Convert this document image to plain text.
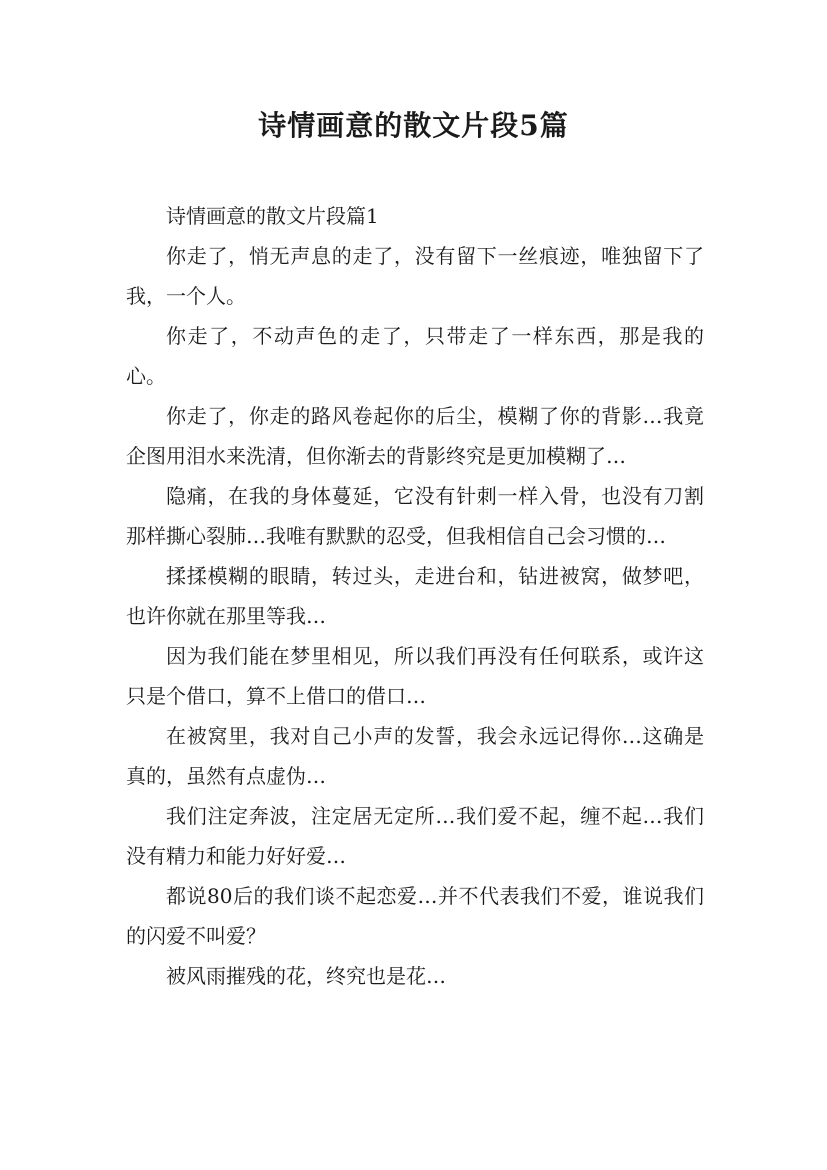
诗情画意的散文片段5篇

诗情画意的散文片段篇1

你走了，悄无声息的走了，没有留下一丝痕迹，唯独留下了我，一个人。

你走了，不动声色的走了，只带走了一样东西，那是我的心。

你走了，你走的路风卷起你的后尘，模糊了你的背影…我竟企图用泪水来洗清，但你渐去的背影终究是更加模糊了…

隐痛，在我的身体蔓延，它没有针刺一样入骨，也没有刀割那样撕心裂肺…我唯有默默的忍受，但我相信自己会习惯的…

揉揉模糊的眼睛，转过头，走进台和，钻进被窝，做梦吧，也许你就在那里等我…

因为我们能在梦里相见，所以我们再没有任何联系，或许这只是个借口，算不上借口的借口…

在被窝里，我对自己小声的发誓，我会永远记得你…这确是真的，虽然有点虚伪…

我们注定奔波，注定居无定所…我们爱不起，缠不起…我们没有精力和能力好好爱…

都说80后的我们谈不起恋爱…并不代表我们不爱，谁说我们的闪爱不叫爱？

被风雨摧残的花，终究也是花…
